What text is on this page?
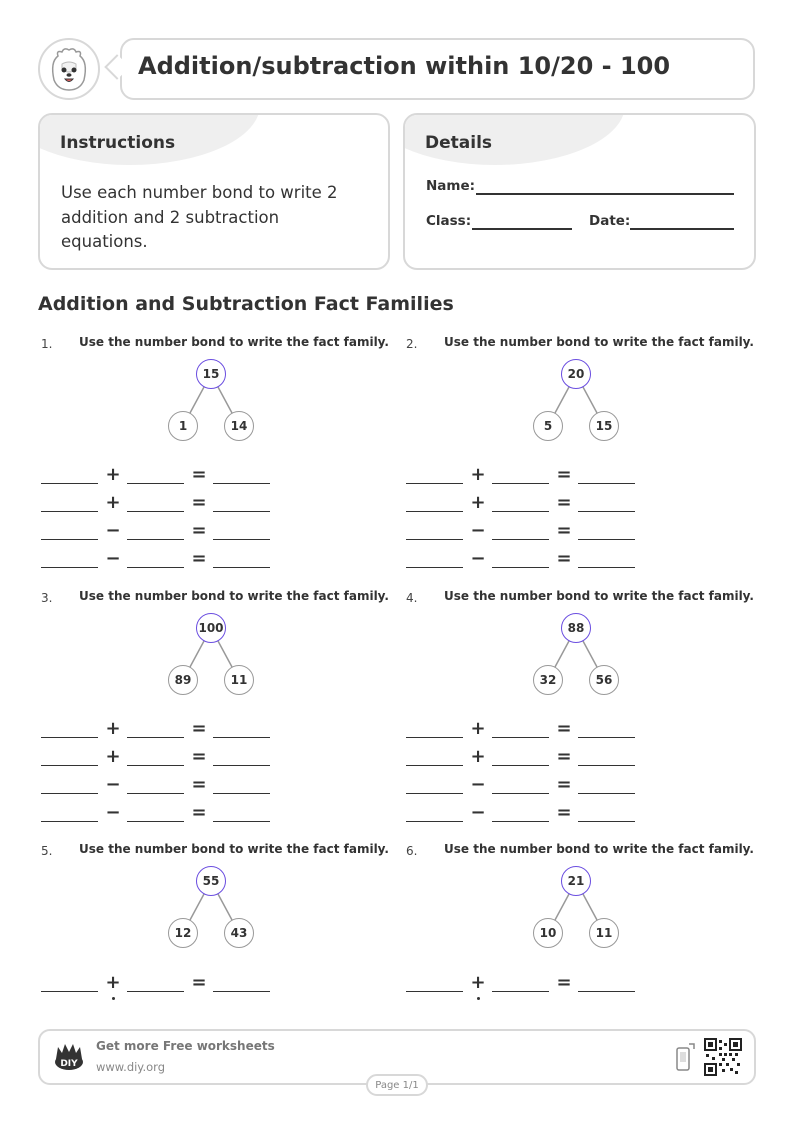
Addition/subtraction within 10/20 - 100
Instructions
Use each number bond to write 2 addition and 2 subtraction equations.
Details
Name:
Class:	Date:
Addition and Subtraction Fact Families
1. Use the number bond to write the fact family.
15
1	14
+	=
+	=
−	=
−	=
2. Use the number bond to write the fact family.
20
5	15
+	=
+	=
−	=
−	=
3. Use the number bond to write the fact family.
100
89	11
+	=
+	=
−	=
−	=
4. Use the number bond to write the fact family.
88
32	56
+	=
+	=
−	=
−	=
5. Use the number bond to write the fact family.
55
12	43
+	=
6. Use the number bond to write the fact family.
21
10	11
+	=
DIY
Get more Free worksheets
www.diy.org
Page 1/1
